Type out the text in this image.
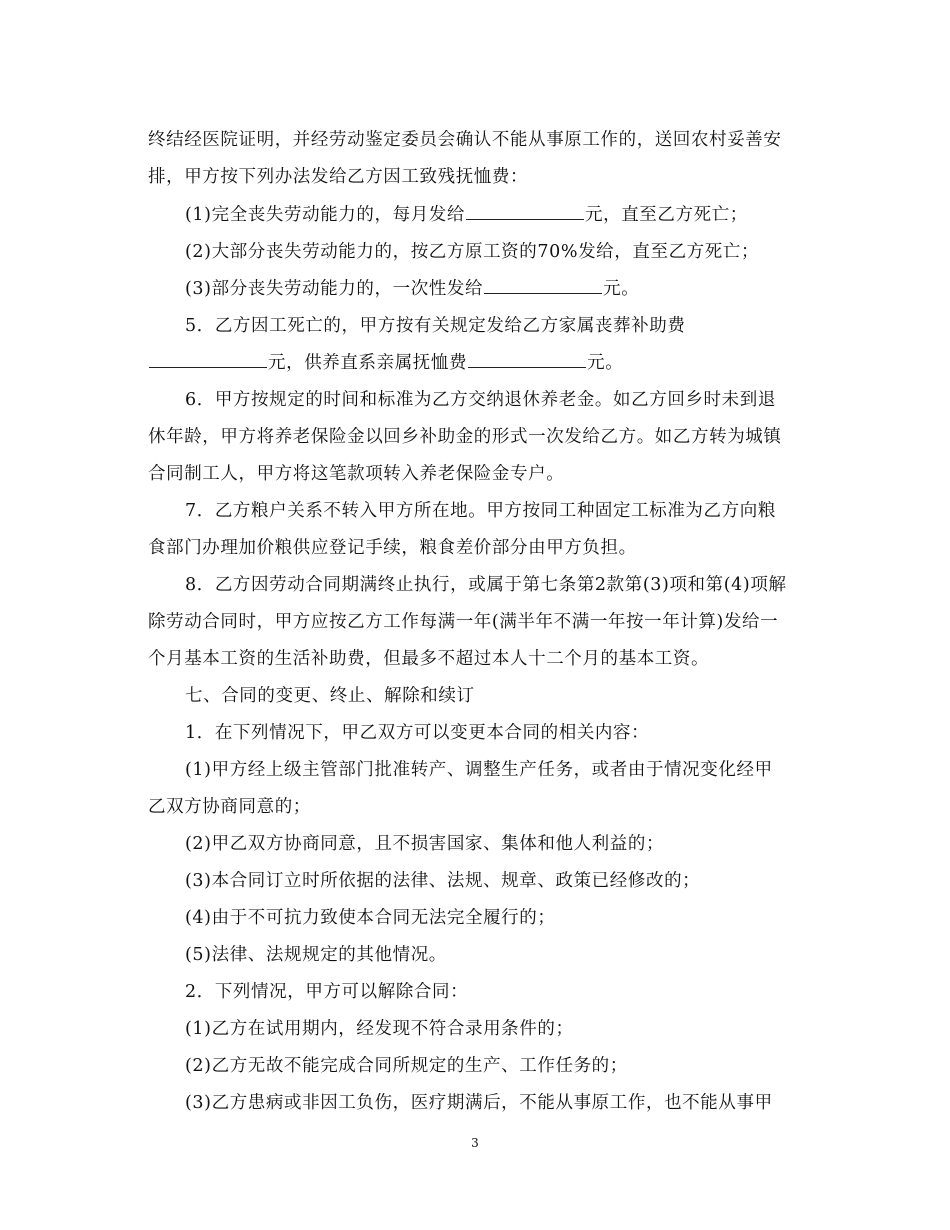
终结经医院证明，并经劳动鉴定委员会确认不能从事原工作的，送回农村妥善安
排，甲方按下列办法发给乙方因工致残抚恤费：
(1)完全丧失劳动能力的，每月发给	元，直至乙方死亡；
(2)大部分丧失劳动能力的，按乙方原工资的70%发给，直至乙方死亡；
(3)部分丧失劳动能力的，一次性发给	元。
5．乙方因工死亡的，甲方按有关规定发给乙方家属丧葬补助费
元，供养直系亲属抚恤费	元。
6．甲方按规定的时间和标准为乙方交纳退休养老金。如乙方回乡时未到退
休年龄，甲方将养老保险金以回乡补助金的形式一次发给乙方。如乙方转为城镇
合同制工人，甲方将这笔款项转入养老保险金专户。
7．乙方粮户关系不转入甲方所在地。甲方按同工种固定工标准为乙方向粮
食部门办理加价粮供应登记手续，粮食差价部分由甲方负担。
8．乙方因劳动合同期满终止执行，或属于第七条第2款第(3)项和第(4)项解
除劳动合同时，甲方应按乙方工作每满一年(满半年不满一年按一年计算)发给一
个月基本工资的生活补助费，但最多不超过本人十二个月的基本工资。
七、合同的变更、终止、解除和续订
1．在下列情况下，甲乙双方可以变更本合同的相关内容：
(1)甲方经上级主管部门批准转产、调整生产任务，或者由于情况变化经甲
乙双方协商同意的；
(2)甲乙双方协商同意，且不损害国家、集体和他人利益的；
(3)本合同订立时所依据的法律、法规、规章、政策已经修改的；
(4)由于不可抗力致使本合同无法完全履行的；
(5)法律、法规规定的其他情况。
2．下列情况，甲方可以解除合同：
(1)乙方在试用期内，经发现不符合录用条件的；
(2)乙方无故不能完成合同所规定的生产、工作任务的；
(3)乙方患病或非因工负伤，医疗期满后，不能从事原工作，也不能从事甲
3
